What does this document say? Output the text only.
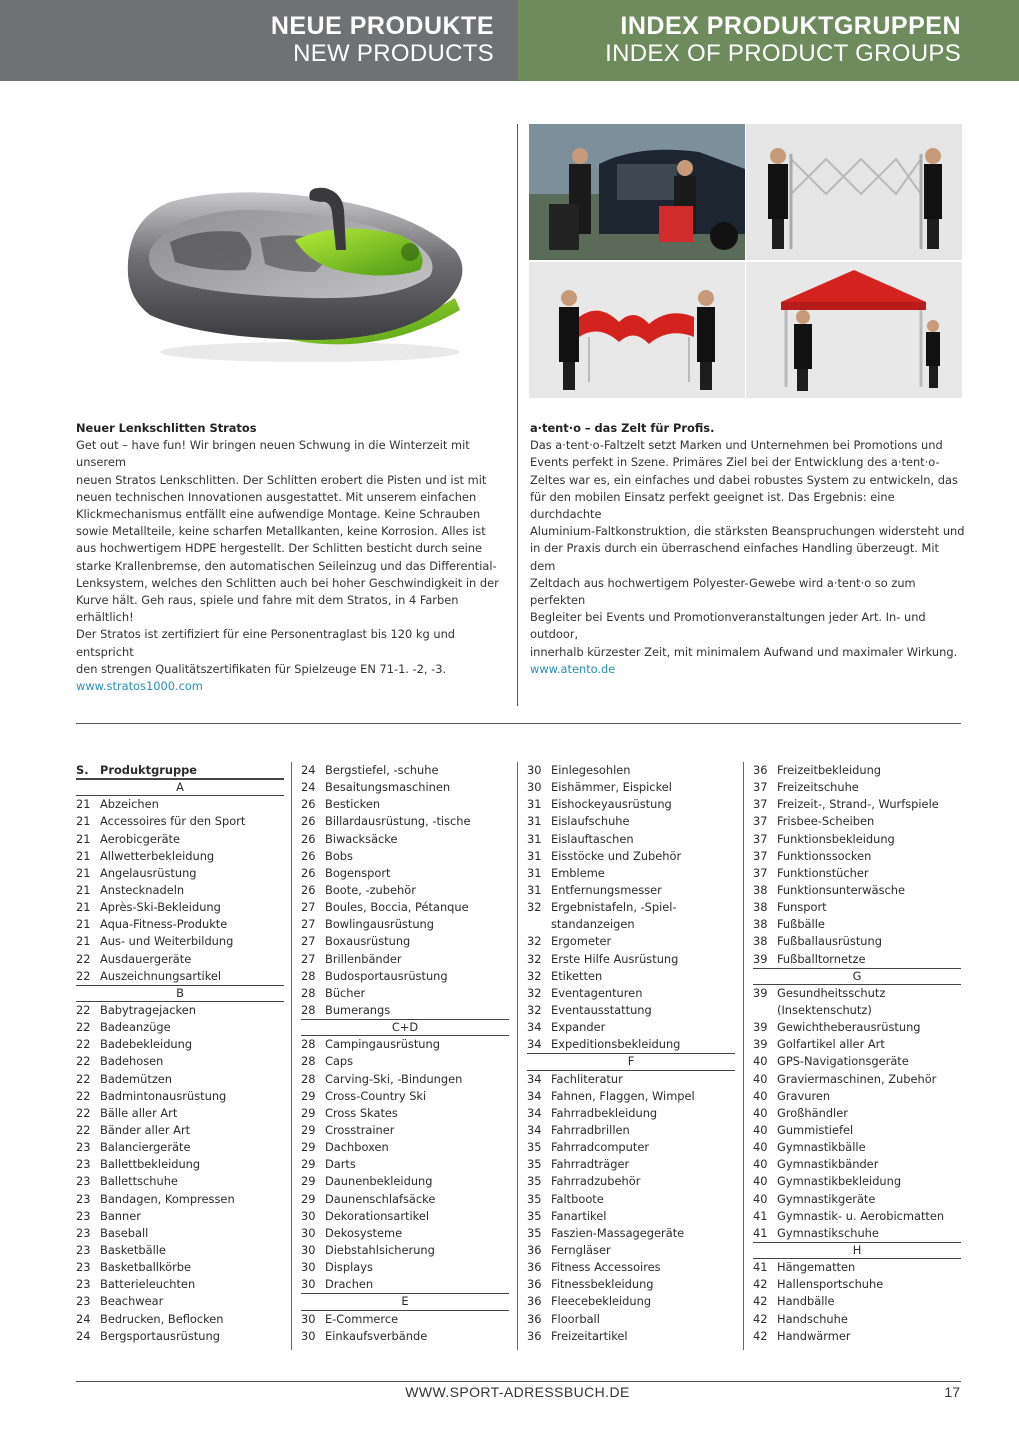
NEUE PRODUKTE
NEW PRODUCTS
INDEX PRODUKTGRUPPEN
INDEX OF PRODUCT GROUPS
Neuer Lenkschlitten Stratos
Get out – have fun! Wir bringen neuen Schwung in die Winterzeit mit unserem
neuen Stratos Lenkschlitten. Der Schlitten erobert die Pisten und ist mit
neuen technischen Innovationen ausgestattet. Mit unserem einfachen
Klickmechanismus entfällt eine aufwendige Montage. Keine Schrauben
sowie Metallteile, keine scharfen Metallkanten, keine Korrosion. Alles ist
aus hochwertigem HDPE hergestellt. Der Schlitten besticht durch seine
starke Krallenbremse, den automatischen Seileinzug und das Differential-
Lenksystem, welches den Schlitten auch bei hoher Geschwindigkeit in der
Kurve hält. Geh raus, spiele und fahre mit dem Stratos, in 4 Farben erhältlich!
Der Stratos ist zertifiziert für eine Personentraglast bis 120 kg und entspricht
den strengen Qualitätszertifikaten für Spielzeuge EN 71-1. -2, -3.
www.stratos1000.com
a·tent·o – das Zelt für Profis.
Das a·tent·o-Faltzelt setzt Marken und Unternehmen bei Promotions und
Events perfekt in Szene. Primäres Ziel bei der Entwicklung des a·tent·o-
Zeltes war es, ein einfaches und dabei robustes System zu entwickeln, das
für den mobilen Einsatz perfekt geeignet ist. Das Ergebnis: eine durchdachte
Aluminium-Faltkonstruktion, die stärksten Beanspruchungen widersteht und
in der Praxis durch ein überraschend einfaches Handling überzeugt. Mit dem
Zeltdach aus hochwertigem Polyester-Gewebe wird a·tent·o so zum perfekten
Begleiter bei Events und Promotionveranstaltungen jeder Art. In- und outdoor,
innerhalb kürzester Zeit, mit minimalem Aufwand und maximaler Wirkung.
www.atento.de
S.	Produktgruppe
A
21 Abzeichen
21 Accessoires für den Sport
21 Aerobicgeräte
21 Allwetterbekleidung
21 Angelausrüstung
21 Anstecknadeln
21 Après-Ski-Bekleidung
21 Aqua-Fitness-Produkte
21 Aus- und Weiterbildung
22 Ausdauergeräte
22 Auszeichnungsartikel
B
22 Babytragejacken
22 Badeanzüge
22 Badebekleidung
22 Badehosen
22 Bademützen
22 Badmintonausrüstung
22 Bälle aller Art
22 Bänder aller Art
23 Balanciergeräte
23 Ballettbekleidung
23 Ballettschuhe
23 Bandagen, Kompressen
23 Banner
23 Baseball
23 Basketbälle
23 Basketballkörbe
23 Batterieleuchten
23 Beachwear
24 Bedrucken, Beflocken
24 Bergsportausrüstung
24 Bergstiefel, -schuhe
24 Besaitungsmaschinen
26 Besticken
26 Billardausrüstung, -tische
26 Biwacksäcke
26 Bobs
26 Bogensport
26 Boote, -zubehör
27 Boules, Boccia, Pétanque
27 Bowlingausrüstung
27 Boxausrüstung
27 Brillenbänder
28 Budosportausrüstung
28 Bücher
28 Bumerangs
C+D
28 Campingausrüstung
28 Caps
28 Carving-Ski, -Bindungen
29 Cross-Country Ski
29 Cross Skates
29 Crosstrainer
29 Dachboxen
29 Darts
29 Daunenbekleidung
29 Daunenschlafsäcke
30 Dekorationsartikel
30 Dekosysteme
30 Diebstahlsicherung
30 Displays
30 Drachen
E
30 E-Commerce
30 Einkaufsverbände
30 Einlegesohlen
30 Eishämmer, Eispickel
31 Eishockeyausrüstung
31 Eislaufschuhe
31 Eislauftaschen
31 Eisstöcke und Zubehör
31 Embleme
31 Entfernungsmesser
32 Ergebnistafeln, -Spiel-
standanzeigen
32 Ergometer
32 Erste Hilfe Ausrüstung
32 Etiketten
32 Eventagenturen
32 Eventausstattung
34 Expander
34 Expeditionsbekleidung
F
34 Fachliteratur
34 Fahnen, Flaggen, Wimpel
34 Fahrradbekleidung
34 Fahrradbrillen
35 Fahrradcomputer
35 Fahrradträger
35 Fahrradzubehör
35 Faltboote
35 Fanartikel
35 Faszien-Massagegeräte
36 Ferngläser
36 Fitness Accessoires
36 Fitnessbekleidung
36 Fleecebekleidung
36 Floorball
36 Freizeitartikel
36 Freizeitbekleidung
37 Freizeitschuhe
37 Freizeit-, Strand-, Wurfspiele
37 Frisbee-Scheiben
37 Funktionsbekleidung
37 Funktionssocken
37 Funktionstücher
38 Funktionsunterwäsche
38 Funsport
38 Fußbälle
38 Fußballausrüstung
39 Fußballtornetze
G
39 Gesundheitsschutz
(Insektenschutz)
39 Gewichtheberausrüstung
39 Golfartikel aller Art
40 GPS-Navigationsgeräte
40 Graviermaschinen, Zubehör
40 Gravuren
40 Großhändler
40 Gummistiefel
40 Gymnastikbälle
40 Gymnastikbänder
40 Gymnastikbekleidung
40 Gymnastikgeräte
41 Gymnastik- u. Aerobicmatten
41 Gymnastikschuhe
H
41 Hängematten
42 Hallensportschuhe
42 Handbälle
42 Handschuhe
42 Handwärmer
WWW.SPORT-ADRESSBUCH.DE	17
